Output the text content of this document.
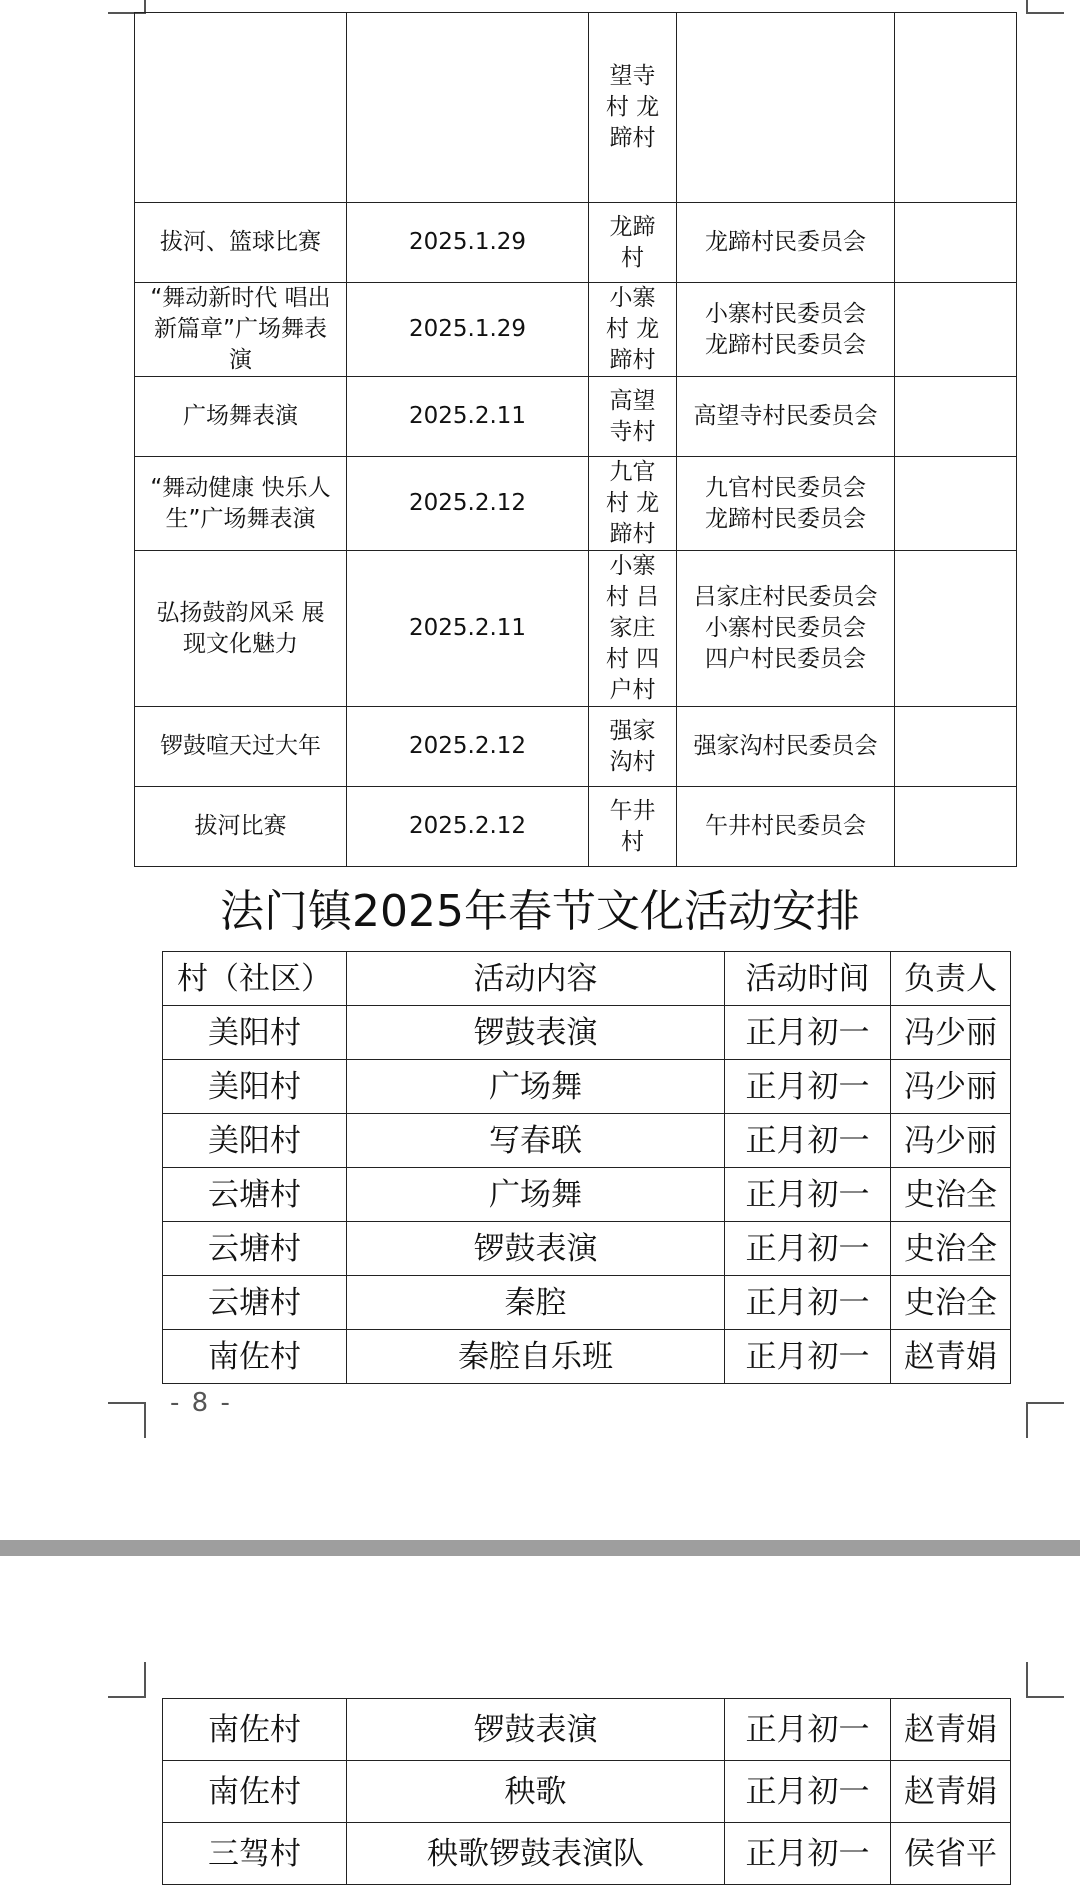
		望寺村 龙蹄村		
拔河、篮球比赛	2025.1.29	龙蹄村	龙蹄村民委员会	
“舞动新时代 唱出新篇章”广场舞表演	2025.1.29	小寨村 龙蹄村	小寨村民委员会
龙蹄村民委员会	
广场舞表演	2025.2.11	高望寺村	高望寺村民委员会	
“舞动健康 快乐人生”广场舞表演	2025.2.12	九官村 龙蹄村	九官村民委员会
龙蹄村民委员会	
弘扬鼓韵风采 展现文化魅力	2025.2.11	小寨村 吕家庄村 四户村	吕家庄村民委员会
小寨村民委员会
四户村民委员会	
锣鼓喧天过大年	2025.2.12	强家沟村	强家沟村民委员会	
拔河比赛	2025.2.12	午井村	午井村民委员会	
法门镇2025年春节文化活动安排
村（社区）	活动内容	活动时间	负责人
美阳村	锣鼓表演	正月初一	冯少丽
美阳村	广场舞	正月初一	冯少丽
美阳村	写春联	正月初一	冯少丽
云塘村	广场舞	正月初一	史治全
云塘村	锣鼓表演	正月初一	史治全
云塘村	秦腔	正月初一	史治全
南佐村	秦腔自乐班	正月初一	赵青娟
- 8 -
南佐村	锣鼓表演	正月初一	赵青娟
南佐村	秧歌	正月初一	赵青娟
三驾村	秧歌锣鼓表演队	正月初一	侯省平
